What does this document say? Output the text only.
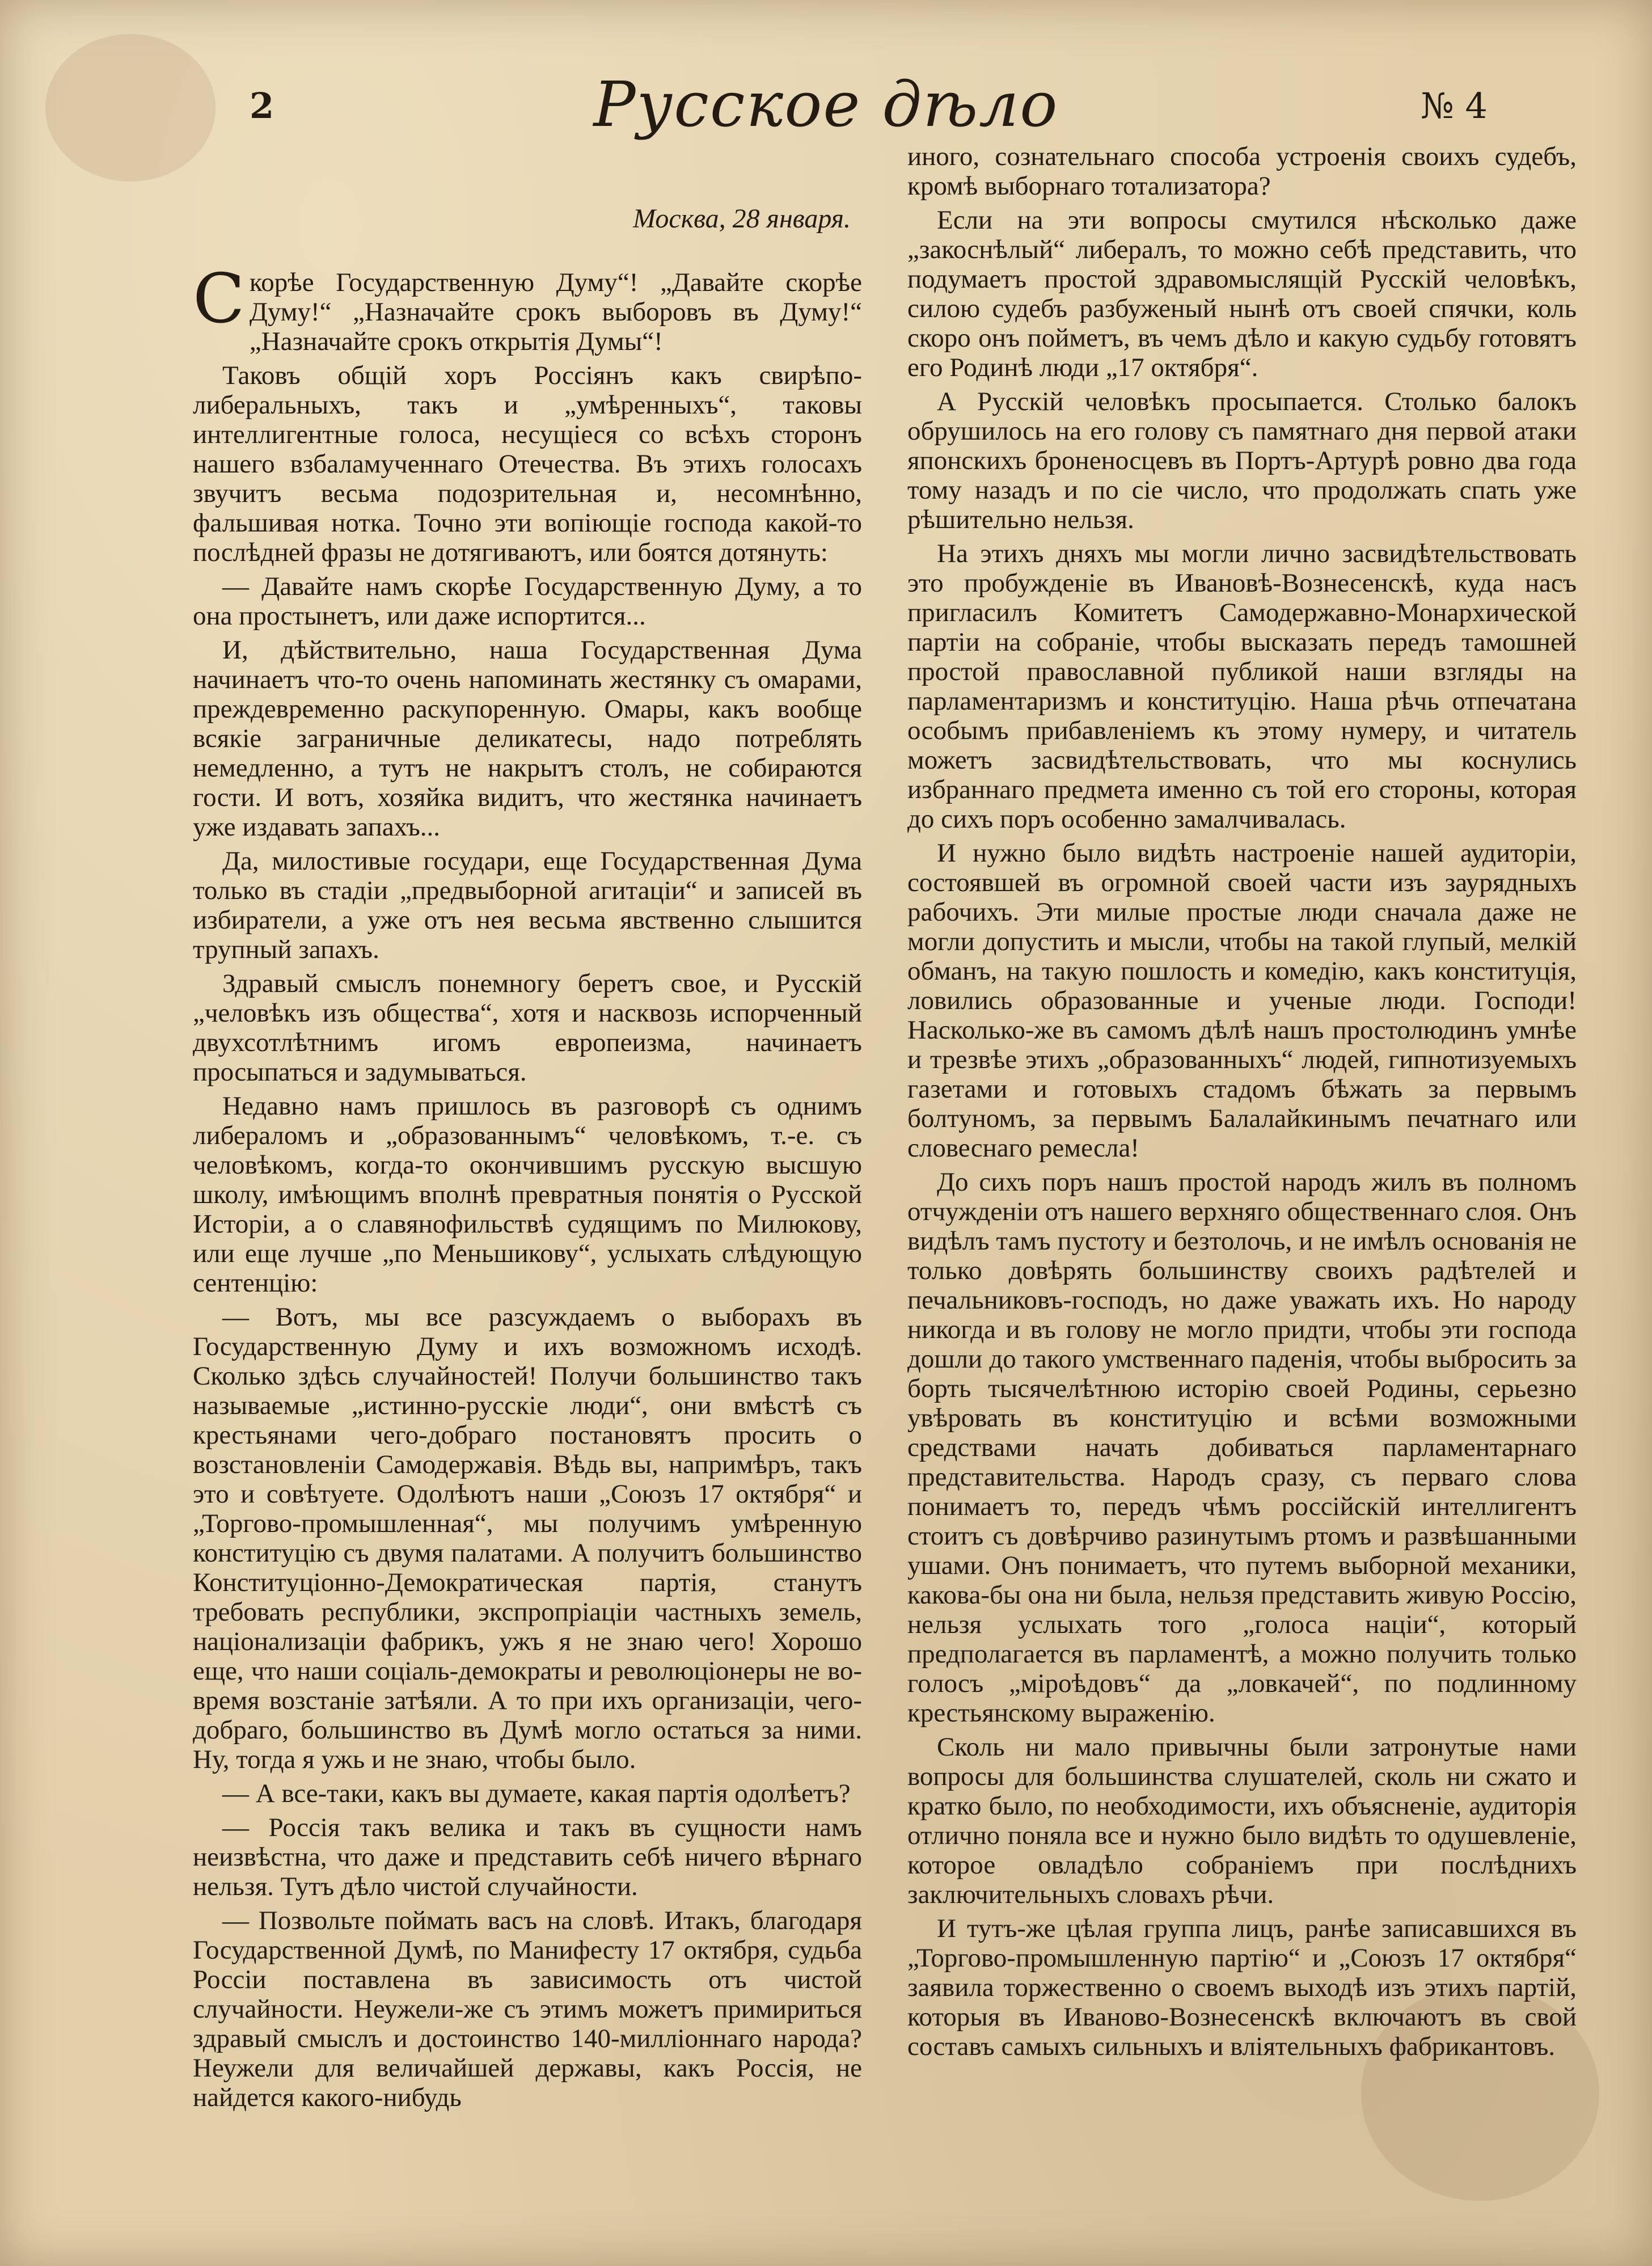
2	Русское дѣло	№ 4
Москва, 28 января.

Скорѣе Государственную Думу“! „Давайте скорѣе Думу!“ „Назначайте срокъ выборовъ въ Думу!“ „Назначайте срокъ открытія Думы“!

Таковъ общій хоръ Россіянъ какъ свирѣпо-либеральныхъ, такъ и „умѣренныхъ“, таковы интеллигентные голоса, несущіеся со всѣхъ сторонъ нашего взбаламученнаго Отечества. Въ этихъ голосахъ звучитъ весьма подозрительная и, несомнѣнно, фальшивая нотка. Точно эти вопіющіе господа какой-то послѣдней фразы не дотягиваютъ, или боятся дотянуть:

— Давайте намъ скорѣе Государственную Думу, а то она простынетъ, или даже испортится...

И, дѣйствительно, наша Государственная Дума начинаетъ что-то очень напоминать жестянку съ омарами, преждевременно раскупоренную. Омары, какъ вообще всякіе заграничные деликатесы, надо потреблять немедленно, а тутъ не накрытъ столъ, не собираются гости. И вотъ, хозяйка видитъ, что жестянка начинаетъ уже издавать запахъ...

Да, милостивые государи, еще Государственная Дума только въ стадіи „предвыборной агитаціи“ и записей въ избиратели, а уже отъ нея весьма явственно слышится трупный запахъ.

Здравый смыслъ понемногу беретъ свое, и Русскій „человѣкъ изъ общества“, хотя и насквозь испорченный двухсотлѣтнимъ игомъ европеизма, начинаетъ просыпаться и задумываться.

Недавно намъ пришлось въ разговорѣ съ однимъ либераломъ и „образованнымъ“ человѣкомъ, т.-е. съ человѣкомъ, когда-то окончившимъ русскую высшую школу, имѣющимъ вполнѣ превратныя понятія о Русской Исторіи, а о славянофильствѣ судящимъ по Милюкову, или еще лучше „по Меньшикову“, услыхать слѣдующую сентенцію:

— Вотъ, мы все разсуждаемъ о выборахъ въ Государственную Думу и ихъ возможномъ исходѣ. Сколько здѣсь случайностей! Получи большинство такъ называемые „истинно-русскіе люди“, они вмѣстѣ съ крестьянами чего-добраго постановятъ просить о возстановленіи Самодержавія. Вѣдь вы, напримѣръ, такъ это и совѣтуете. Одолѣютъ наши „Союзъ 17 октября“ и „Торгово-промышленная“, мы получимъ умѣренную конституцію съ двумя палатами. А получитъ большинство Конституціонно-Демократическая партія, станутъ требовать республики, экспропріаціи частныхъ земель, націонализаціи фабрикъ, ужъ я не знаю чего! Хорошо еще, что наши соціаль-демократы и революціонеры не во-время возстаніе затѣяли. А то при ихъ организаціи, чего-добраго, большинство въ Думѣ могло остаться за ними. Ну, тогда я ужь и не знаю, чтобы было.

— А все-таки, какъ вы думаете, какая партія одолѣетъ?

— Россія такъ велика и такъ въ сущности намъ неизвѣстна, что даже и представить себѣ ничего вѣрнаго нельзя. Тутъ дѣло чистой случайности.

— Позвольте поймать васъ на словѣ. Итакъ, благодаря Государственной Думѣ, по Манифесту 17 октября, судьба Россіи поставлена въ зависимость отъ чистой случайности. Неужели-же съ этимъ можетъ примириться здравый смыслъ и достоинство 140-милліоннаго народа? Неужели для величайшей державы, какъ Россія, не найдется какого-нибудь

иного, сознательнаго способа устроенія своихъ судебъ, кромѣ выборнаго тотализатора?

Если на эти вопросы смутился нѣсколько даже „закоснѣлый“ либералъ, то можно себѣ представить, что подумаетъ простой здравомыслящій Русскій человѣкъ, силою судебъ разбуженый нынѣ отъ своей спячки, коль скоро онъ пойметъ, въ чемъ дѣло и какую судьбу готовятъ его Родинѣ люди „17 октября“.

А Русскій человѣкъ просыпается. Столько балокъ обрушилось на его голову съ памятнаго дня первой атаки японскихъ броненосцевъ въ Портъ-Артурѣ ровно два года тому назадъ и по сіе число, что продолжать спать уже рѣшительно нельзя.

На этихъ дняхъ мы могли лично засвидѣтельствовать это пробужденіе въ Ивановѣ-Вознесенскѣ, куда насъ пригласилъ Комитетъ Самодержавно-Монархической партіи на собраніе, чтобы высказать передъ тамошней простой православной публикой наши взгляды на парламентаризмъ и конституцію. Наша рѣчь отпечатана особымъ прибавленіемъ къ этому нумеру, и читатель можетъ засвидѣтельствовать, что мы коснулись избраннаго предмета именно съ той его стороны, которая до сихъ поръ особенно замалчивалась.

И нужно было видѣть настроеніе нашей аудиторіи, состоявшей въ огромной своей части изъ заурядныхъ рабочихъ. Эти милые простые люди сначала даже не могли допустить и мысли, чтобы на такой глупый, мелкій обманъ, на такую пошлость и комедію, какъ конституція, ловились образованные и ученые люди. Господи! Насколько-же въ самомъ дѣлѣ нашъ простолюдинъ умнѣе и трезвѣе этихъ „образованныхъ“ людей, гипнотизуемыхъ газетами и готовыхъ стадомъ бѣжать за первымъ болтуномъ, за первымъ Балалайкинымъ печатнаго или словеснаго ремесла!

До сихъ поръ нашъ простой народъ жилъ въ полномъ отчужденіи отъ нашего верхняго общественнаго слоя. Онъ видѣлъ тамъ пустоту и безтолочь, и не имѣлъ основанія не только довѣрять большинству своихъ радѣтелей и печальниковъ-господъ, но даже уважать ихъ. Но народу никогда и въ голову не могло придти, чтобы эти господа дошли до такого умственнаго паденія, чтобы выбросить за борть тысячелѣтнюю исторію своей Родины, серьезно увѣровать въ конституцію и всѣми возможными средствами начать добиваться парламентарнаго представительства. Народъ сразу, съ перваго слова понимаетъ то, передъ чѣмъ россійскій интеллигентъ стоитъ съ довѣрчиво разинутымъ ртомъ и развѣшанными ушами. Онъ понимаетъ, что путемъ выборной механики, какова-бы она ни была, нельзя представить живую Россію, нельзя услыхать того „голоса націи“, который предполагается въ парламентѣ, а можно получить только голосъ „міроѣдовъ“ да „ловкачей“, по подлинному крестьянскому выраженію.

Сколь ни мало привычны были затронутые нами вопросы для большинства слушателей, сколь ни сжато и кратко было, по необходимости, ихъ объясненіе, аудиторія отлично поняла все и нужно было видѣть то одушевленіе, которое овладѣло собраніемъ при послѣднихъ заключительныхъ словахъ рѣчи.

И тутъ-же цѣлая группа лицъ, ранѣе записавшихся въ „Торгово-промышленную партію“ и „Союзъ 17 октября“ заявила торжественно о своемъ выходѣ изъ этихъ партій, которыя въ Иваново-Вознесенскѣ включаютъ въ свой составъ самыхъ сильныхъ и вліятельныхъ фабрикантовъ.
